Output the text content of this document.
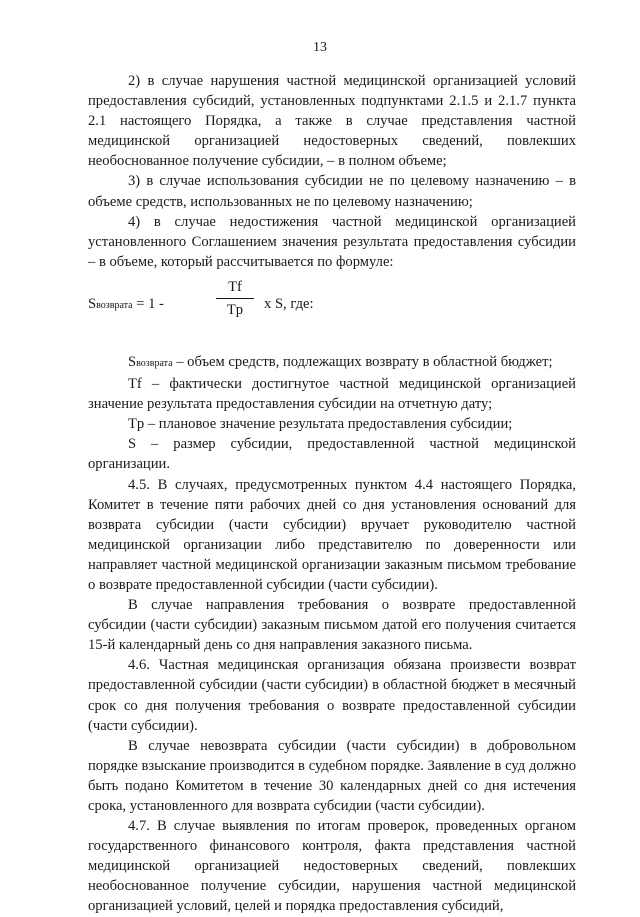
13

2) в случае нарушения частной медицинской организацией условий предоставления субсидий, установленных подпунктами 2.1.5 и 2.1.7 пункта 2.1 настоящего Порядка, а также в случае представления частной медицинской организацией недостоверных сведений, повлекших необоснованное получение субсидии, – в полном объеме;

3) в случае использования субсидии не по целевому назначению – в объеме средств, использованных не по целевому назначению;

4) в случае недостижения частной медицинской организацией установленного Соглашением значения результата предоставления субсидии – в объеме, который рассчитывается по формуле:

Sвозврата = 1 -
Tf
Tp	x S, где:

Sвозврата – объем средств, подлежащих возврату в областной бюджет;

Tf – фактически достигнутое частной медицинской организацией значение результата предоставления субсидии на отчетную дату;

Tp – плановое значение результата предоставления субсидии;

S – размер субсидии, предоставленной частной медицинской организации.

4.5. В случаях, предусмотренных пунктом 4.4 настоящего Порядка, Комитет в течение пяти рабочих дней со дня установления оснований для возврата субсидии (части субсидии) вручает руководителю частной медицинской организации либо представителю по доверенности или направляет частной медицинской организации заказным письмом требование о возврате предоставленной субсидии (части субсидии).

В случае направления требования о возврате предоставленной субсидии (части субсидии) заказным письмом датой его получения считается 15-й календарный день со дня направления заказного письма.

4.6. Частная медицинская организация обязана произвести возврат предоставленной субсидии (части субсидии) в областной бюджет в месячный срок со дня получения требования о возврате предоставленной субсидии (части субсидии).

В случае невозврата субсидии (части субсидии) в добровольном порядке взыскание производится в судебном порядке. Заявление в суд должно быть подано Комитетом в течение 30 календарных дней со дня истечения срока, установленного для возврата субсидии (части субсидии).

4.7. В случае выявления по итогам проверок, проведенных органом государственного финансового контроля, факта представления частной медицинской организацией недостоверных сведений, повлекших необоснованное получение субсидии, нарушения частной медицинской организацией условий, целей и порядка предоставления субсидий,
